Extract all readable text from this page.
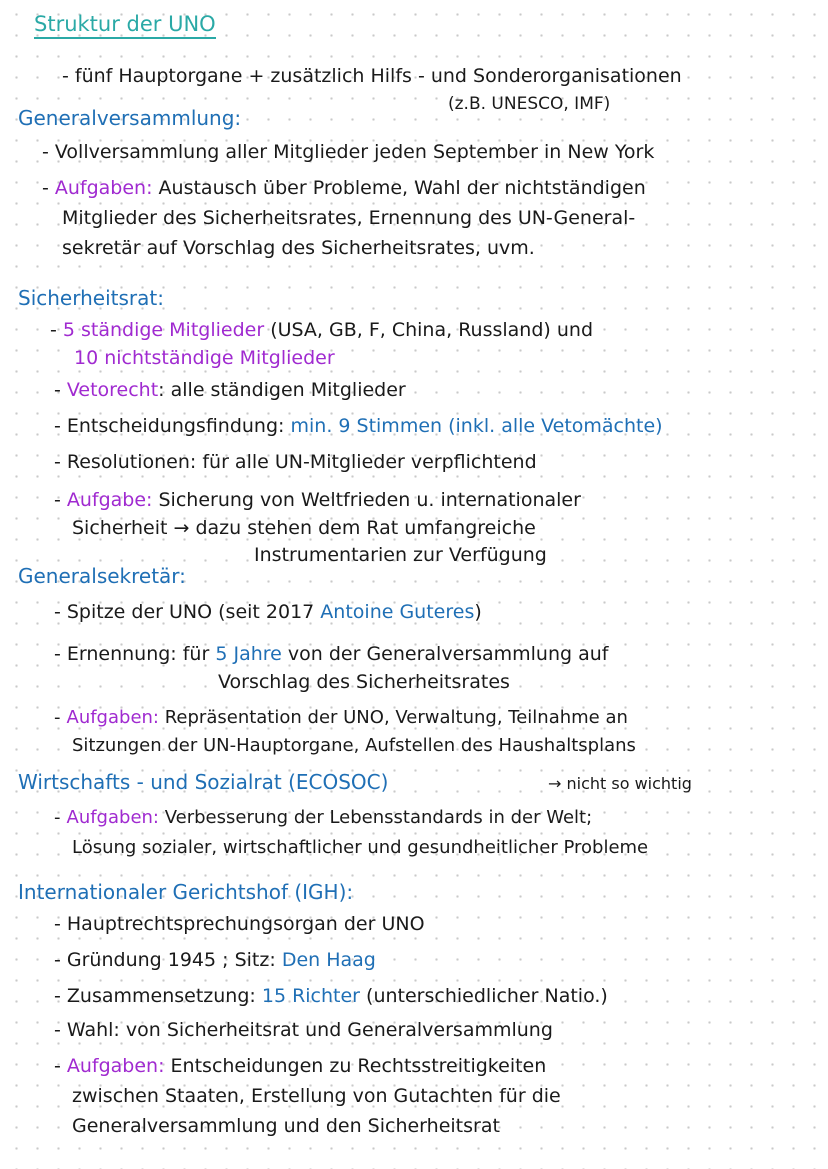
Struktur der UNO
- fünf Hauptorgane + zusätzlich Hilfs - und Sonderorganisationen
(z.B. UNESCO, IMF)
Generalversammlung:
- Vollversammlung aller Mitglieder jeden September in New York
- Aufgaben: Austausch über Probleme, Wahl der nichtständigen
Mitglieder des Sicherheitsrates, Ernennung des UN-General-
sekretär auf Vorschlag des Sicherheitsrates, uvm.
Sicherheitsrat:
- 5 ständige Mitglieder (USA, GB, F, China, Russland) und
10 nichtständige Mitglieder
- Vetorecht: alle ständigen Mitglieder
- Entscheidungsfindung: min. 9 Stimmen (inkl. alle Vetomächte)
- Resolutionen: für alle UN-Mitglieder verpflichtend
- Aufgabe: Sicherung von Weltfrieden u. internationaler
Sicherheit → dazu stehen dem Rat umfangreiche
Instrumentarien zur Verfügung
Generalsekretär:
- Spitze der UNO (seit 2017 Antoine Guteres)
- Ernennung: für 5 Jahre von der Generalversammlung auf
Vorschlag des Sicherheitsrates
- Aufgaben: Repräsentation der UNO, Verwaltung, Teilnahme an
Sitzungen der UN-Hauptorgane, Aufstellen des Haushaltsplans
Wirtschafts - und Sozialrat (ECOSOC)	→ nicht so wichtig
- Aufgaben: Verbesserung der Lebensstandards in der Welt;
Lösung sozialer, wirtschaftlicher und gesundheitlicher Probleme
Internationaler Gerichtshof (IGH):
- Hauptrechtsprechungsorgan der UNO
- Gründung 1945 ; Sitz: Den Haag
- Zusammensetzung: 15 Richter (unterschiedlicher Natio.)
- Wahl: von Sicherheitsrat und Generalversammlung
- Aufgaben: Entscheidungen zu Rechtsstreitigkeiten
zwischen Staaten, Erstellung von Gutachten für die
Generalversammlung und den Sicherheitsrat
